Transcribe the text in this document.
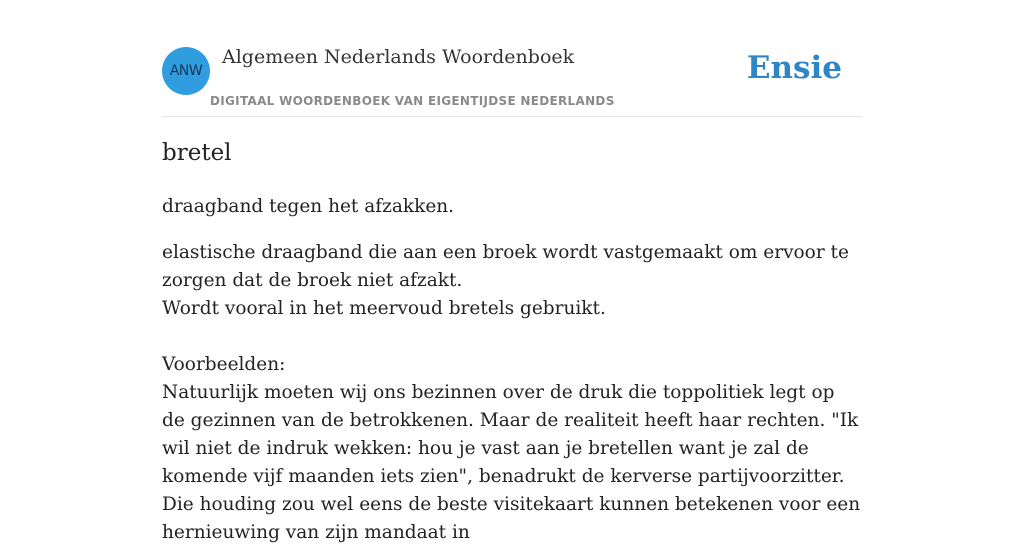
ANW
Algemeen Nederlands Woordenboek
DIGITAAL WOORDENBOEK VAN EIGENTIJDSE NEDERLANDS
Ensie
bretel

draagband tegen het afzakken.

elastische draagband die aan een broek wordt vastgemaakt om ervoor te zorgen dat de broek niet afzakt.
Wordt vooral in het meervoud bretels gebruikt.
Voorbeelden:
Natuurlijk moeten wij ons bezinnen over de druk die toppolitiek legt op de gezinnen van de betrokkenen. Maar de realiteit heeft haar rechten. "Ik wil niet de indruk wekken: hou je vast aan je bretellen want je zal de komende vijf maanden iets zien", benadrukt de kerverse partijvoorzitter. Die houding zou wel eens de beste visitekaart kunnen betekenen voor een hernieuwing van zijn mandaat in
